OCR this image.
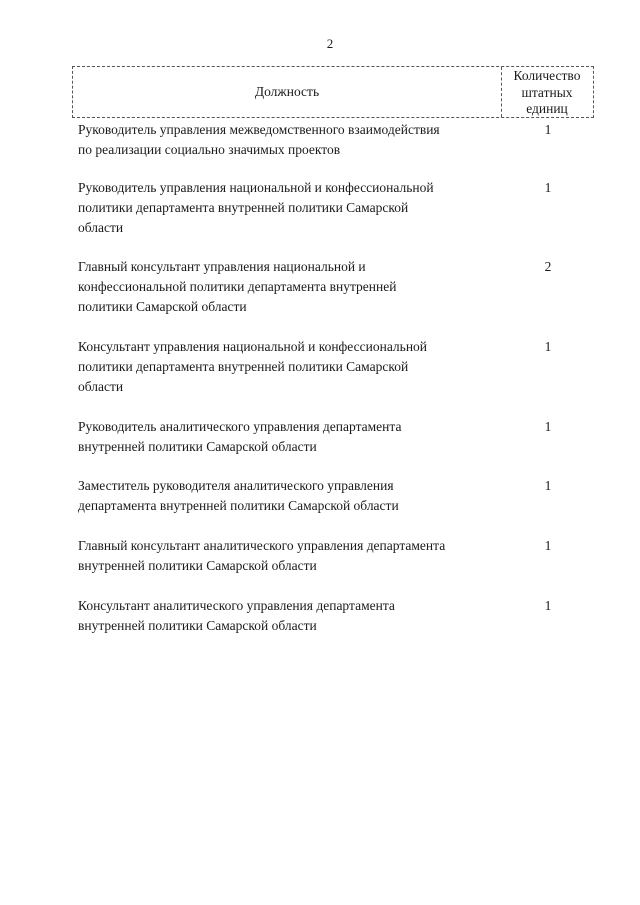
2
Должность
Количество
штатных
единиц
Руководитель управления межведомственного взаимодействия
по реализации социально значимых проектов
1
Руководитель управления национальной и конфессиональной
политики департамента внутренней политики Самарской
области
1
Главный консультант управления национальной и
конфессиональной политики департамента внутренней
политики Самарской области
2
Консультант управления национальной и конфессиональной
политики департамента внутренней политики Самарской
области
1
Руководитель аналитического управления департамента
внутренней политики Самарской области
1
Заместитель руководителя аналитического управления
департамента внутренней политики Самарской области
1
Главный консультант аналитического управления департамента
внутренней политики Самарской области
1
Консультант аналитического управления департамента
внутренней политики Самарской области
1
